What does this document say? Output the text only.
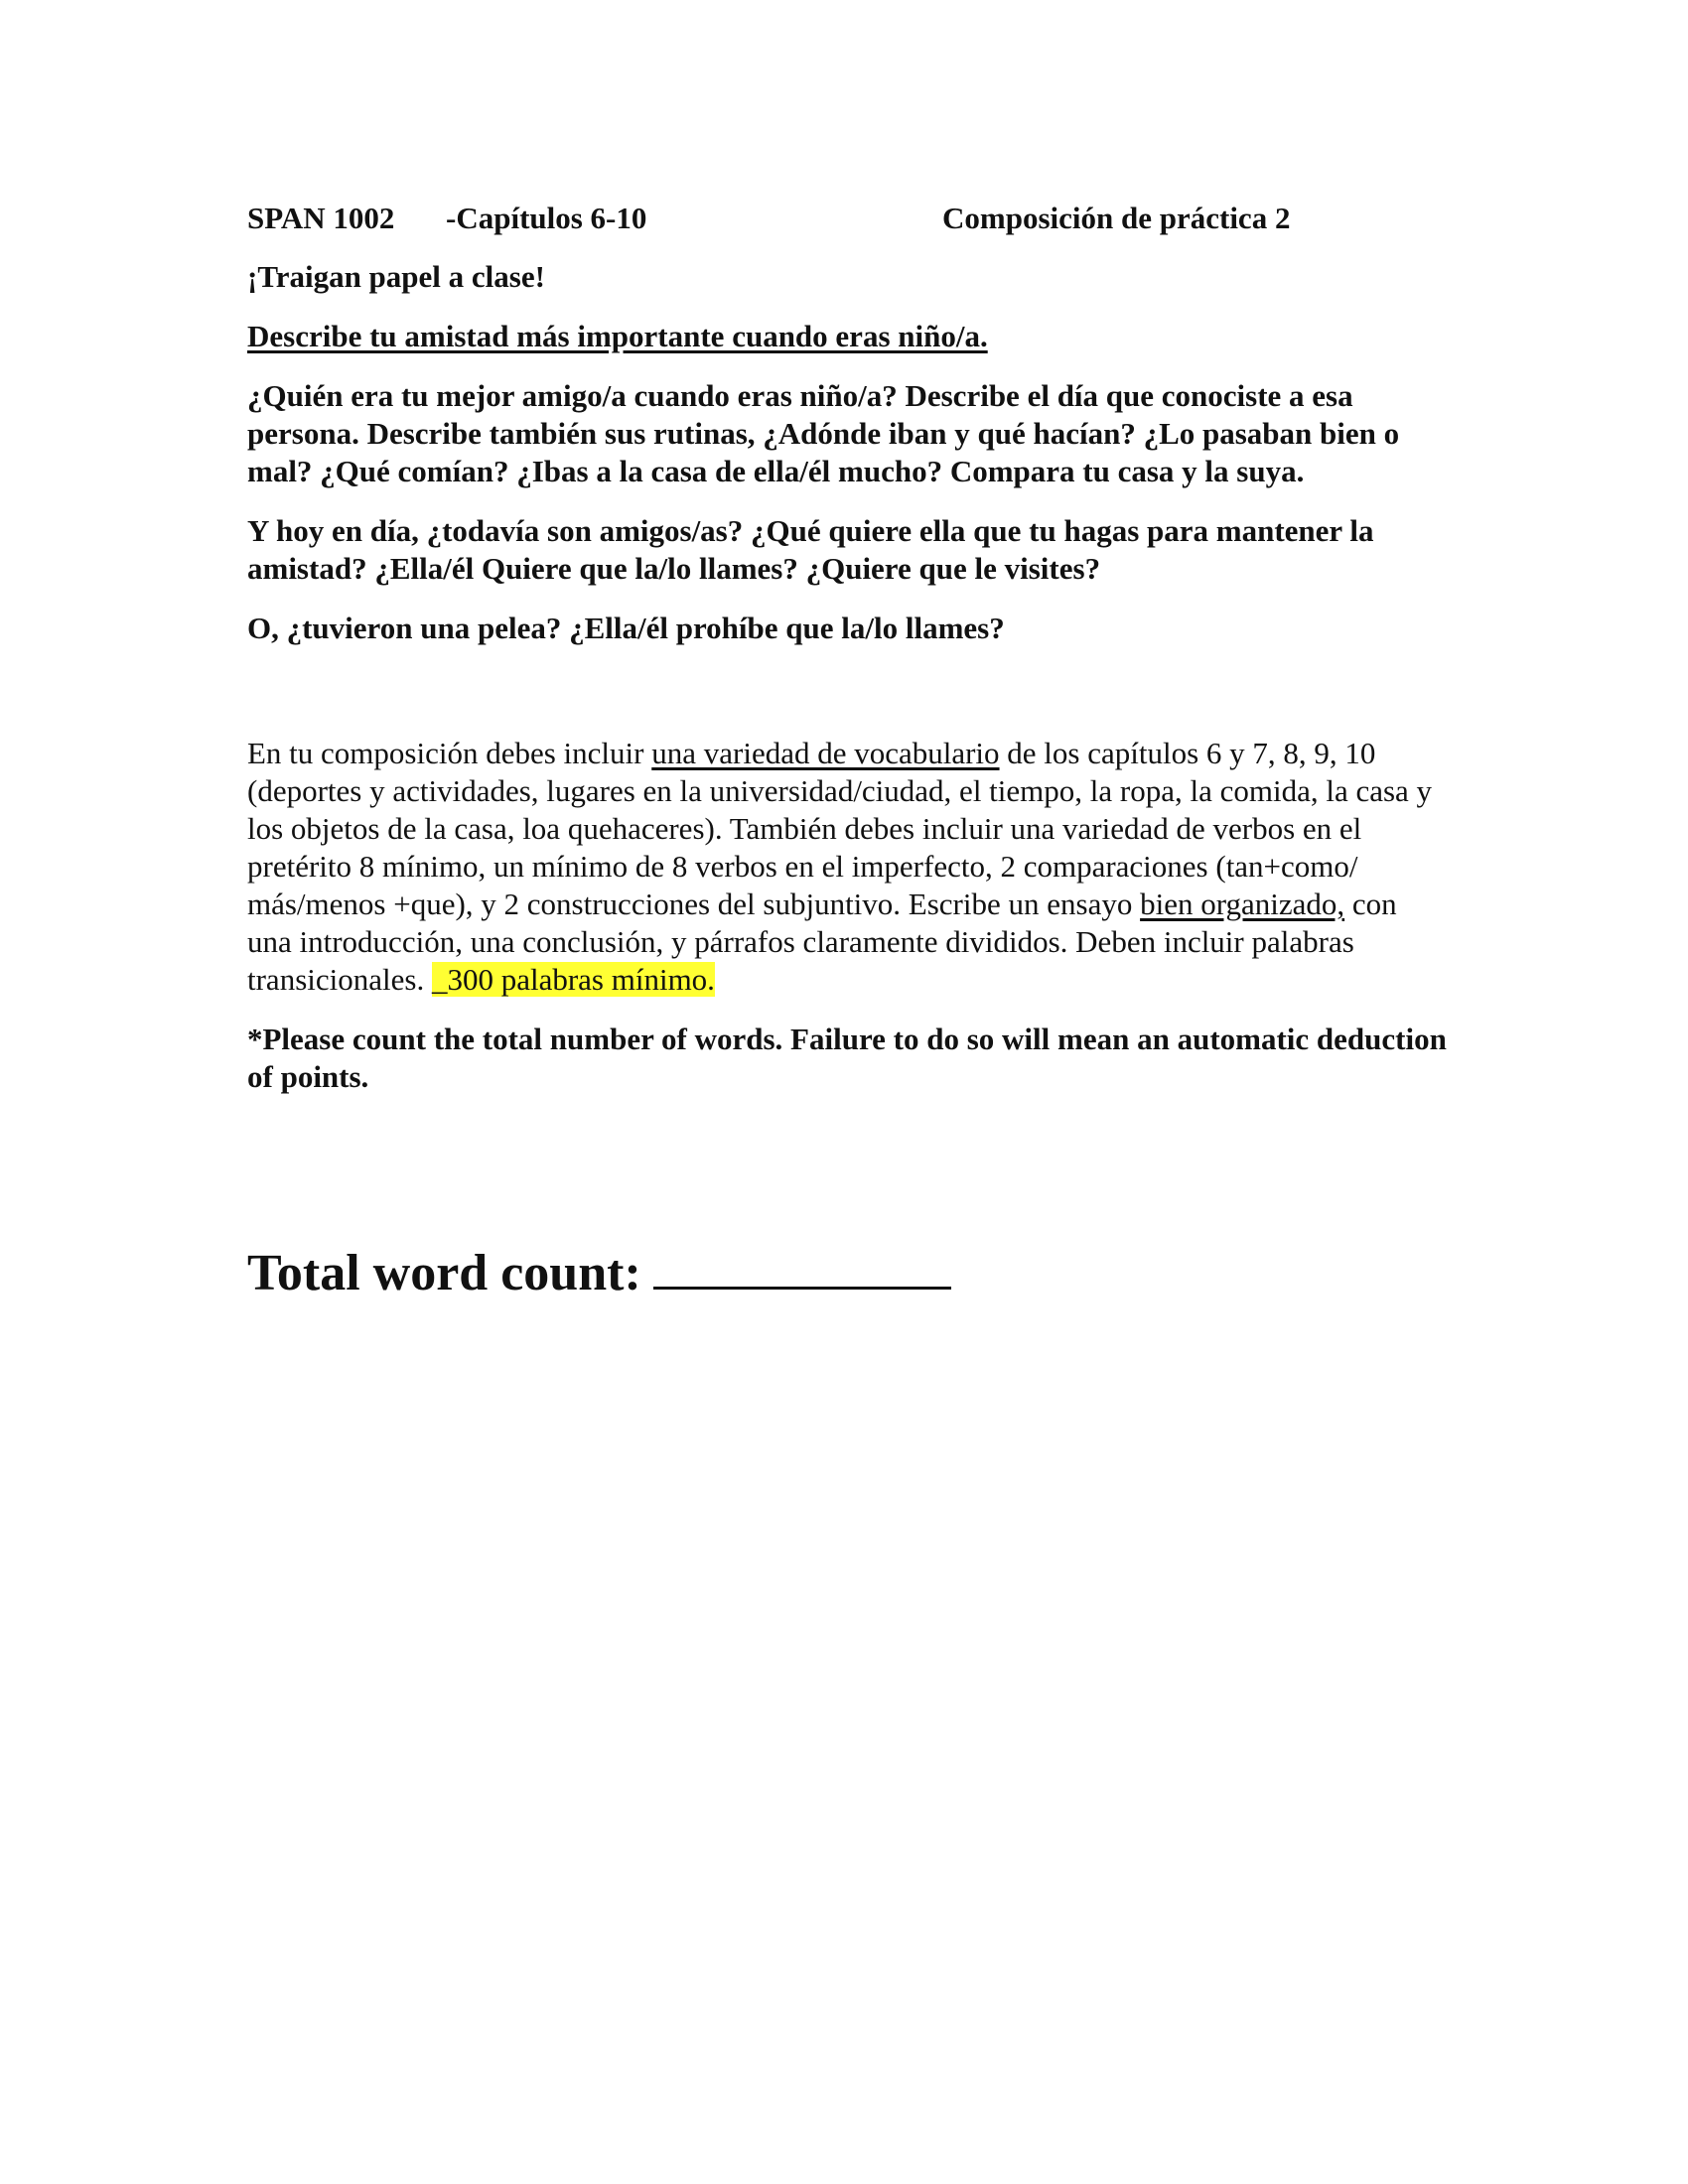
SPAN 1002 -Capítulos 6-10	Composición de práctica 2

¡Traigan papel a clase!

Describe tu amistad más importante cuando eras niño/a.

¿Quién era tu mejor amigo/a cuando eras niño/a? Describe el día que conociste a esa persona. Describe también sus rutinas, ¿Adónde iban y qué hacían? ¿Lo pasaban bien o mal? ¿Qué comían? ¿Ibas a la casa de ella/él mucho? Compara tu casa y la suya.

Y hoy en día, ¿todavía son amigos/as? ¿Qué quiere ella que tu hagas para mantener la amistad? ¿Ella/él Quiere que la/lo llames? ¿Quiere que le visites?

O, ¿tuvieron una pelea? ¿Ella/él prohíbe que la/lo llames?

En tu composición debes incluir una variedad de vocabulario de los capítulos 6 y 7, 8, 9, 10 (deportes y actividades, lugares en la universidad/ciudad, el tiempo, la ropa, la comida, la casa y los objetos de la casa, loa quehaceres). También debes incluir una variedad de verbos en el pretérito 8 mínimo, un mínimo de 8 verbos en el imperfecto, 2 comparaciones (tan+como/ más/menos +que), y 2 construcciones del subjuntivo. Escribe un ensayo bien organizado, con una introducción, una conclusión, y párrafos claramente divididos. Deben incluir palabras transicionales. _300 palabras mínimo.

*Please count the total number of words. Failure to do so will mean an automatic deduction of points.

Total word count:
